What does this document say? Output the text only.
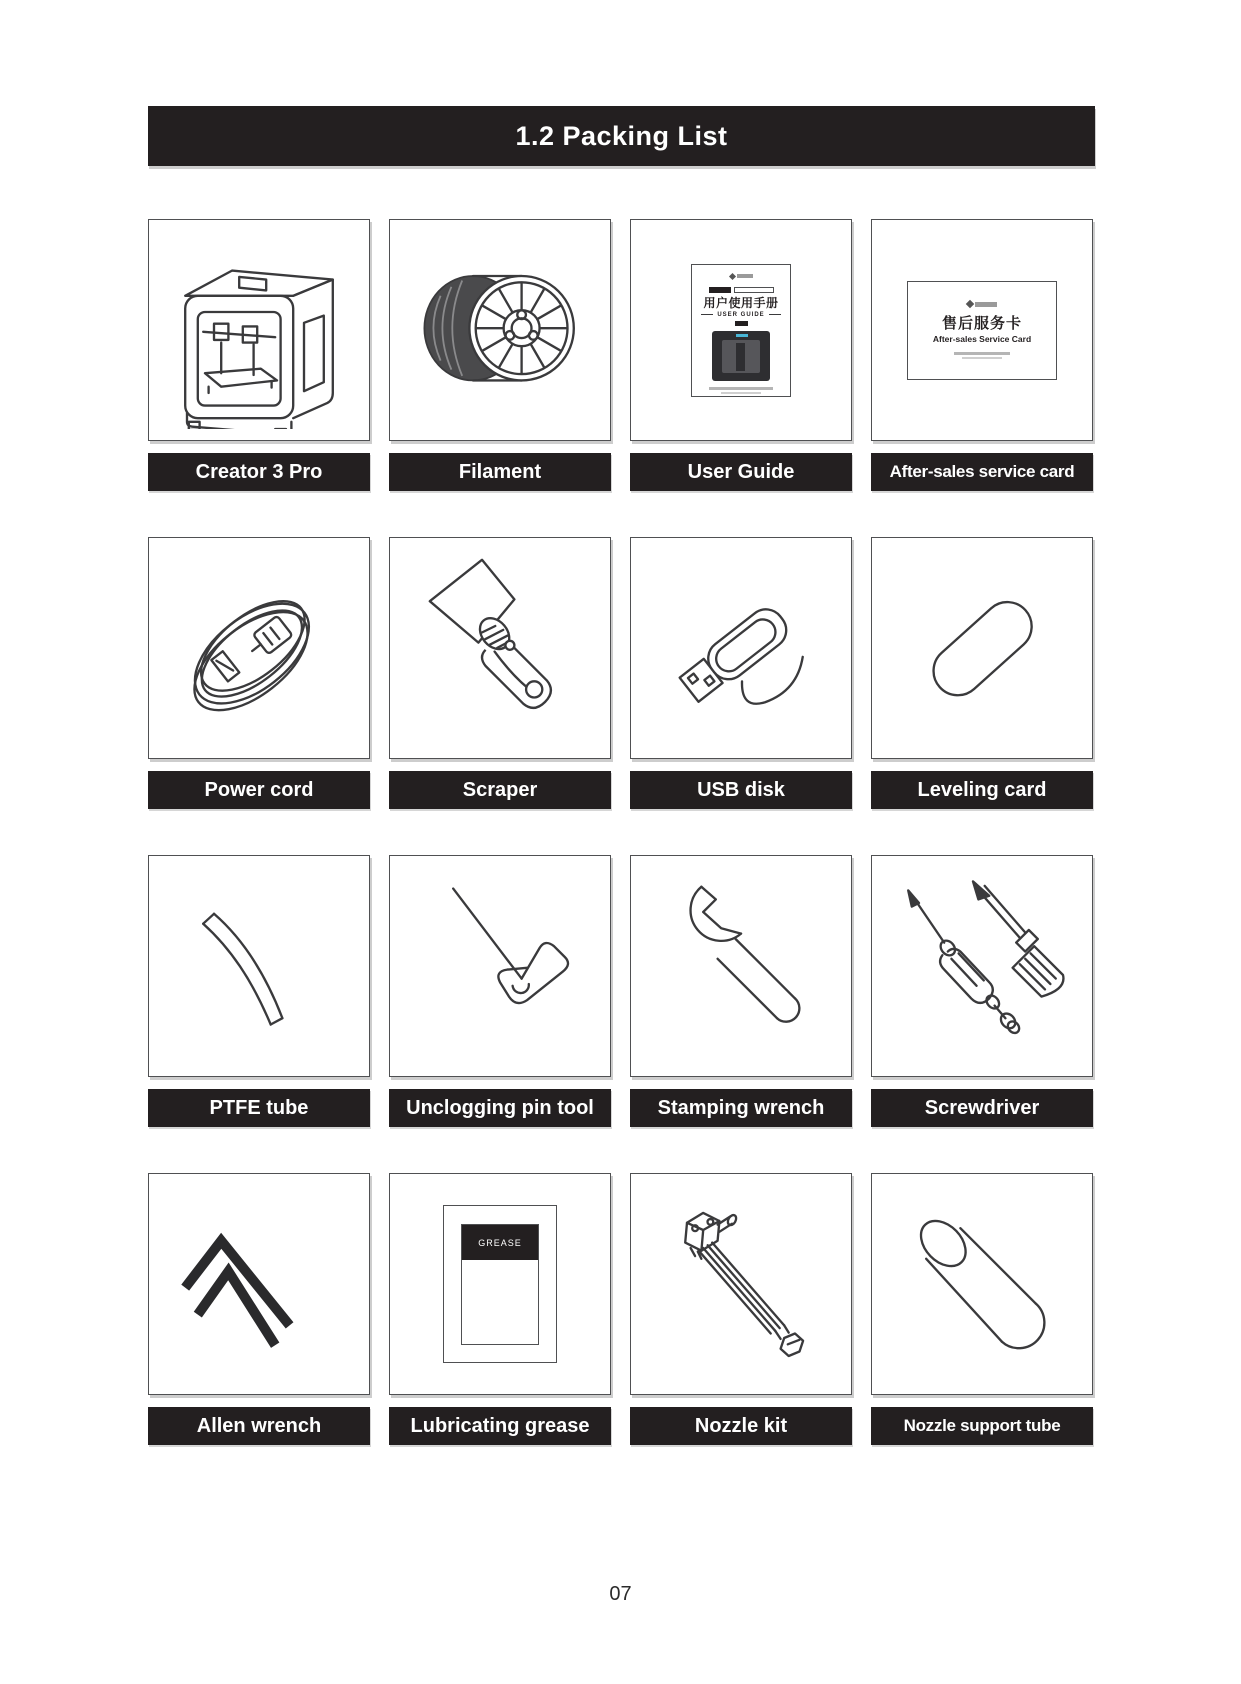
1.2 Packing List
Creator 3 Pro	Filament
用户使用手册
USER GUIDE
User Guide
售后服务卡
After-sales Service Card
After-sales service card
Power cord	Scraper	USB disk	Leveling card
PTFE tube	Unclogging pin tool	Stamping wrench	Screwdriver
Allen wrench
GREASE
Lubricating grease	Nozzle kit	Nozzle support tube
07
